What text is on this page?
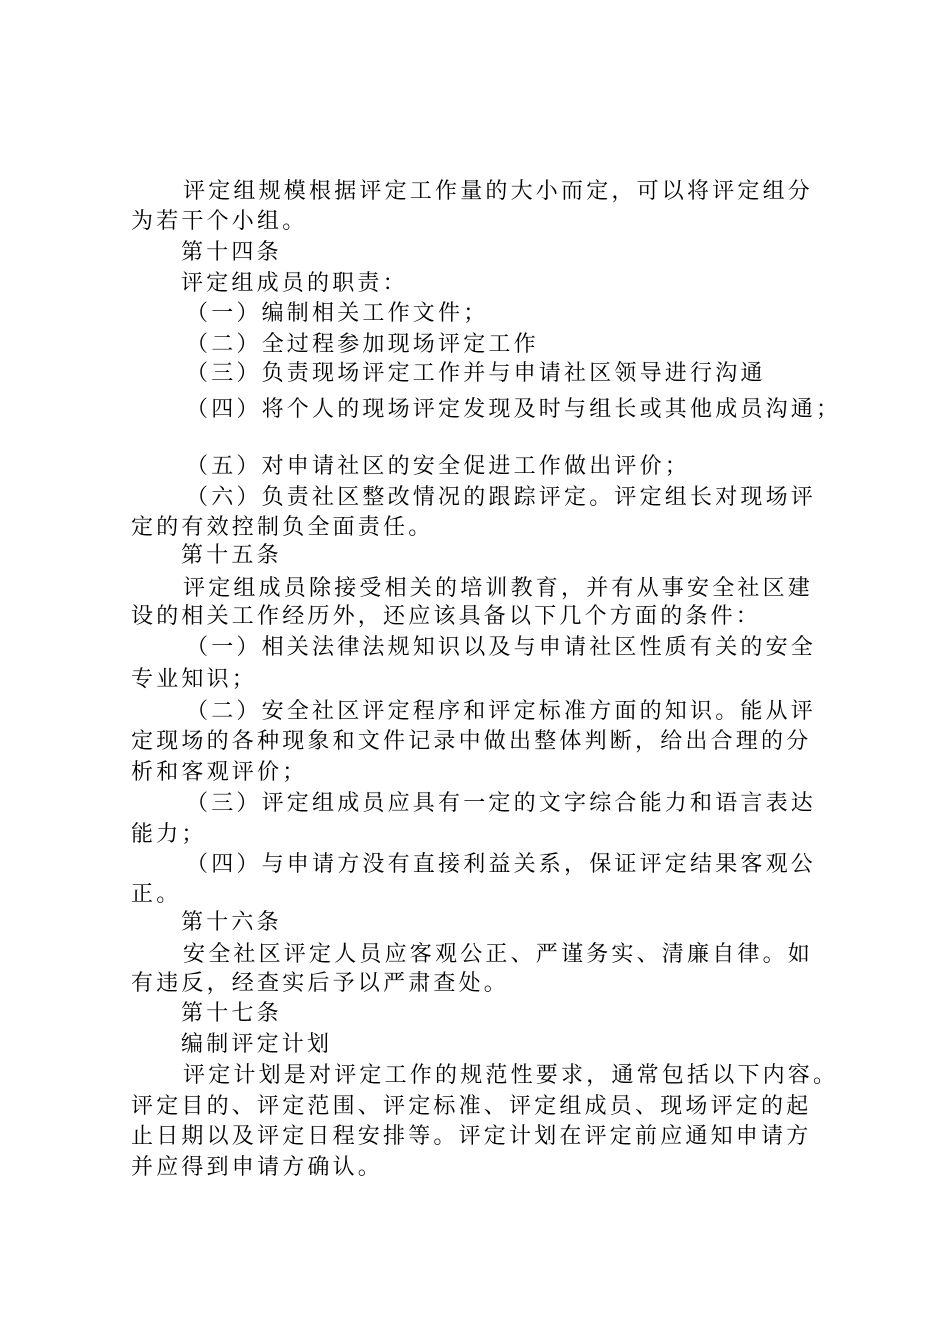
评定组规模根据评定工作量的大小而定，可以将评定组分
为若干个小组。
第十四条
评定组成员的职责：
（一）编制相关工作文件；
（二）全过程参加现场评定工作
（三）负责现场评定工作并与申请社区领导进行沟通
（四）将个人的现场评定发现及时与组长或其他成员沟通；
（五）对申请社区的安全促进工作做出评价；
（六）负责社区整改情况的跟踪评定。评定组长对现场评
定的有效控制负全面责任。
第十五条
评定组成员除接受相关的培训教育，并有从事安全社区建
设的相关工作经历外，还应该具备以下几个方面的条件：
（一）相关法律法规知识以及与申请社区性质有关的安全
专业知识；
（二）安全社区评定程序和评定标准方面的知识。能从评
定现场的各种现象和文件记录中做出整体判断，给出合理的分
析和客观评价；
（三）评定组成员应具有一定的文字综合能力和语言表达
能力；
（四）与申请方没有直接利益关系，保证评定结果客观公
正。
第十六条
安全社区评定人员应客观公正、严谨务实、清廉自律。如
有违反，经查实后予以严肃查处。
第十七条
编制评定计划
评定计划是对评定工作的规范性要求，通常包括以下内容。
评定目的、评定范围、评定标准、评定组成员、现场评定的起
止日期以及评定日程安排等。评定计划在评定前应通知申请方
并应得到申请方确认。
